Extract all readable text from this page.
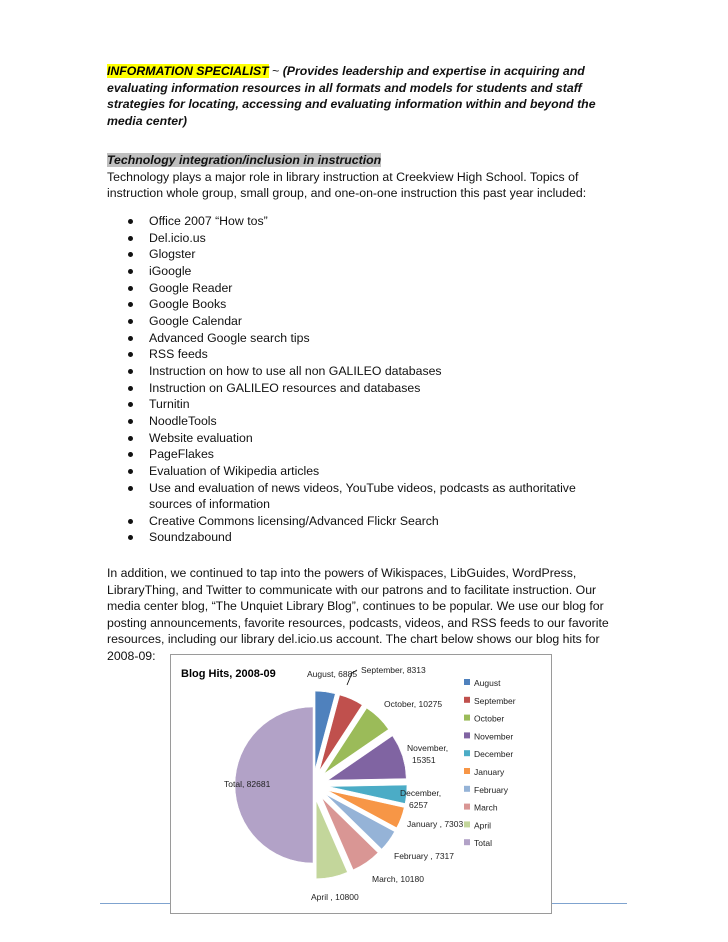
INFORMATION SPECIALIST ~ (Provides leadership and expertise in acquiring and evaluating information resources in all formats and models for students and staff strategies for locating, accessing and evaluating information within and beyond the media center)
Technology integration/inclusion in instruction
Technology plays a major role in library instruction at Creekview High School. Topics of instruction whole group, small group, and one-on-one instruction this past year included:
Office 2007 “How tos”
Del.icio.us
Glogster
iGoogle
Google Reader
Google Books
Google Calendar
Advanced Google search tips
RSS feeds
Instruction on how to use all non GALILEO databases
Instruction on GALILEO resources and databases
Turnitin
NoodleTools
Website evaluation
PageFlakes
Evaluation of Wikipedia articles
Use and evaluation of news videos, YouTube videos, podcasts as authoritative sources of information
Creative Commons licensing/Advanced Flickr Search
Soundzabound
In addition, we continued to tap into the powers of Wikispaces, LibGuides, WordPress, LibraryThing, and Twitter to communicate with our patrons and to facilitate instruction. Our media center blog, “The Unquiet Library Blog”, continues to be popular. We use our blog for posting announcements, favorite resources, podcasts, videos, and RSS feeds to our favorite resources, including our library del.icio.us account. The chart below shows our blog hits for 2008-09:
Blog Hits, 2008-09	August, 6885 September, 8313
October, 10275
November,
15351
December,
6257
January , 7303
February , 7317
March, 10180
April , 10800
Total, 82681
August
September
October
November
December
January
February
March
April
Total
